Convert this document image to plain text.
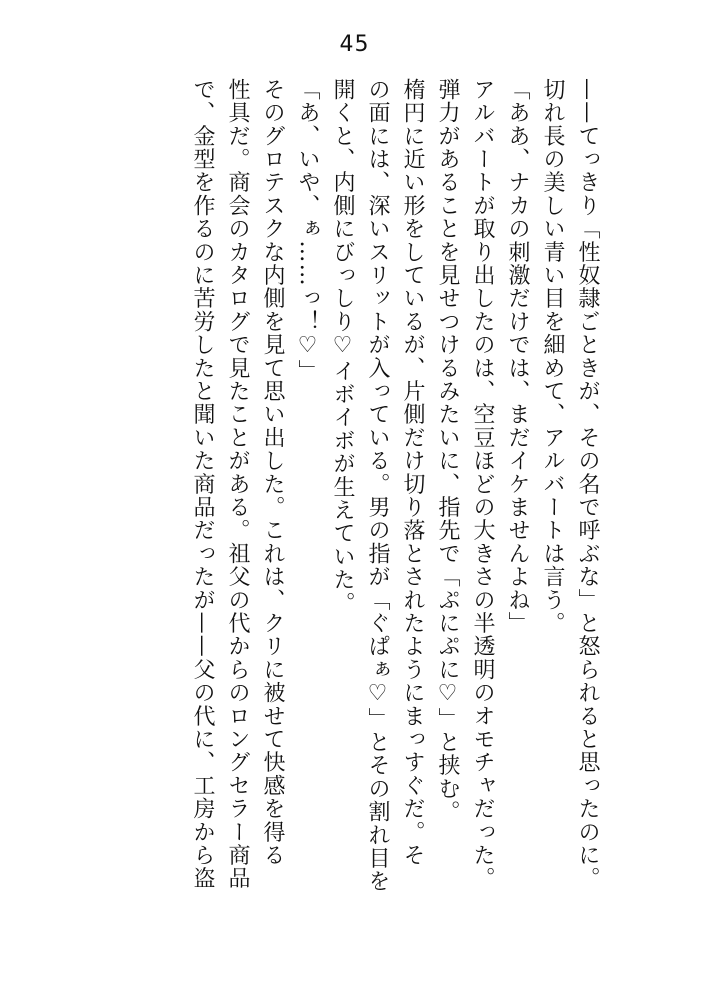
45

——てっきり「性奴隷ごときが、その名で呼ぶな」と怒られると思ったのに。

切れ長の美しい青い目を細めて、アルバートは言う。

「ああ、ナカの刺激だけでは、まだイケませんよね」

アルバートが取り出したのは、空豆ほどの大きさの半透明のオモチャだった。

弾力があることを見せつけるみたいに、指先で「ぷにぷに♡」と挟む。

楕円に近い形をしているが、片側だけ切り落とされたようにまっすぐだ。そ

の面には、深いスリットが入っている。男の指が「ぐぱぁ♡」とその割れ目を

開くと、内側にびっしり♡イボイボが生えていた。

「あ、いや、ぁ……っ！♡」

そのグロテスクな内側を見て思い出した。これは、クリに被せて快感を得る

性具だ。商会のカタログで見たことがある。祖父の代からのロングセラー商品

で、金型を作るのに苦労したと聞いた商品だったが——父の代に、工房から盗
